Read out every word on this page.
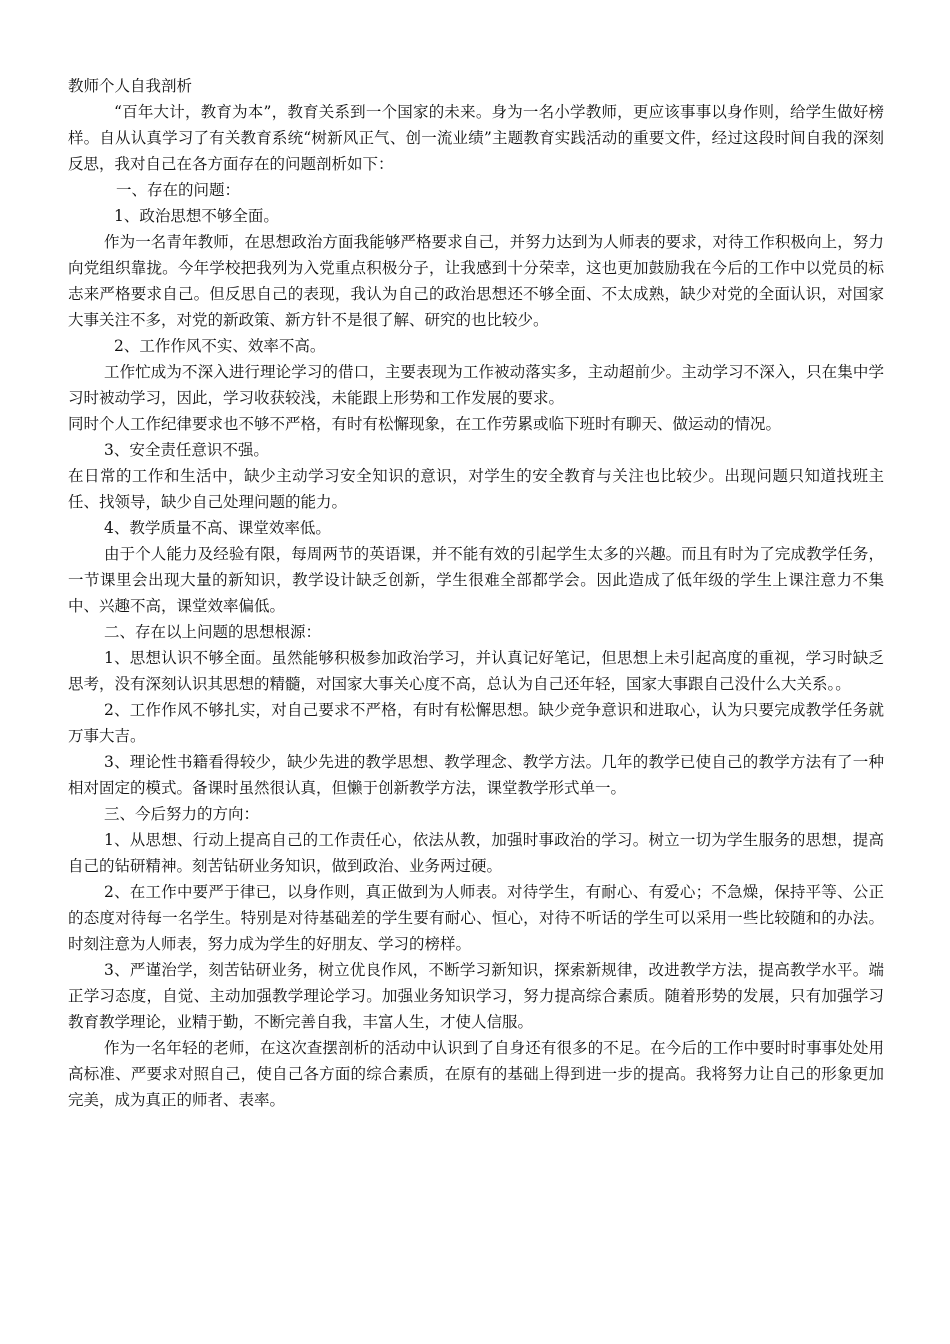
教师个人自我剖析

“百年大计，教育为本”，教育关系到一个国家的未来。身为一名小学教师，更应该事事以身作则，给学生做好榜样。自从认真学习了有关教育系统“树新风正气、创一流业绩”主题教育实践活动的重要文件，经过这段时间自我的深刻反思，我对自己在各方面存在的问题剖析如下：

一、存在的问题：

1、政治思想不够全面。

作为一名青年教师，在思想政治方面我能够严格要求自己，并努力达到为人师表的要求，对待工作积极向上，努力向党组织靠拢。今年学校把我列为入党重点积极分子，让我感到十分荣幸，这也更加鼓励我在今后的工作中以党员的标志来严格要求自己。但反思自己的表现，我认为自己的政治思想还不够全面、不太成熟，缺少对党的全面认识，对国家大事关注不多，对党的新政策、新方针不是很了解、研究的也比较少。

2、工作作风不实、效率不高。

工作忙成为不深入进行理论学习的借口，主要表现为工作被动落实多，主动超前少。主动学习不深入，只在集中学习时被动学习，因此，学习收获较浅，未能跟上形势和工作发展的要求。

同时个人工作纪律要求也不够不严格，有时有松懈现象，在工作劳累或临下班时有聊天、做运动的情况。

3、安全责任意识不强。

在日常的工作和生活中，缺少主动学习安全知识的意识，对学生的安全教育与关注也比较少。出现问题只知道找班主任、找领导，缺少自己处理问题的能力。

4、教学质量不高、课堂效率低。

由于个人能力及经验有限，每周两节的英语课，并不能有效的引起学生太多的兴趣。而且有时为了完成教学任务，一节课里会出现大量的新知识，教学设计缺乏创新，学生很难全部都学会。因此造成了低年级的学生上课注意力不集中、兴趣不高，课堂效率偏低。

二、存在以上问题的思想根源：

1、思想认识不够全面。虽然能够积极参加政治学习，并认真记好笔记，但思想上未引起高度的重视，学习时缺乏思考，没有深刻认识其思想的精髓，对国家大事关心度不高，总认为自己还年轻，国家大事跟自己没什么大关系。。

2、工作作风不够扎实，对自己要求不严格，有时有松懈思想。缺少竞争意识和进取心，认为只要完成教学任务就万事大吉。

3、理论性书籍看得较少，缺少先进的教学思想、教学理念、教学方法。几年的教学已使自己的教学方法有了一种相对固定的模式。备课时虽然很认真，但懒于创新教学方法，课堂教学形式单一。

三、今后努力的方向：

1、从思想、行动上提高自己的工作责任心，依法从教，加强时事政治的学习。树立一切为学生服务的思想，提高自己的钻研精神。刻苦钻研业务知识，做到政治、业务两过硬。

2、在工作中要严于律已，以身作则，真正做到为人师表。对待学生，有耐心、有爱心；不急燥，保持平等、公正的态度对待每一名学生。特别是对待基础差的学生要有耐心、恒心，对待不听话的学生可以采用一些比较随和的办法。时刻注意为人师表，努力成为学生的好朋友、学习的榜样。

3、严谨治学，刻苦钻研业务，树立优良作风，不断学习新知识，探索新规律，改进教学方法，提高教学水平。端正学习态度，自觉、主动加强教学理论学习。加强业务知识学习，努力提高综合素质。随着形势的发展，只有加强学习教育教学理论，业精于勤，不断完善自我，丰富人生，才使人信服。

作为一名年轻的老师，在这次查摆剖析的活动中认识到了自身还有很多的不足。在今后的工作中要时时事事处处用高标准、严要求对照自己，使自己各方面的综合素质，在原有的基础上得到进一步的提高。我将努力让自己的形象更加完美，成为真正的师者、表率。
